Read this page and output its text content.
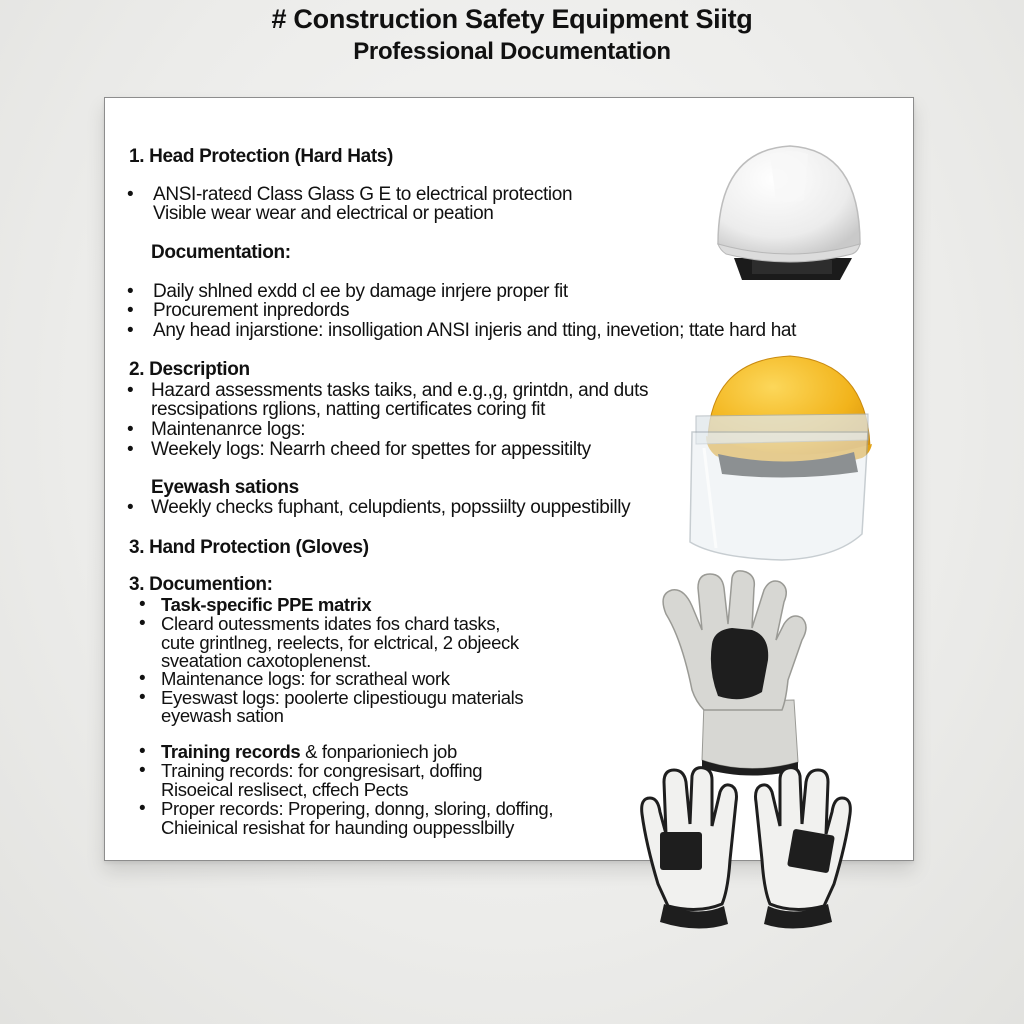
# Construction Safety Equipment Siitg
Professional Documentation
1. Head Protection (Hard Hats)
• ANSI-rateɛd Class Glass G E to electrical protection
Visible wear wear and electrical or peation
Documentation:
• Daily shlned exdd cl ee by damage inrjere proper fit
• Procurement inpredords
• Any head injarstione: insolligation ANSI injeris and tting, inevetion; ttate hard hat
2. Description
• Hazard assessments tasks taiks, and e.g.,g, grintdn, and duts
rescsipations rglions, natting certificates coring fit
• Maintenanrce logs:
• Weekely logs: Nearrh cheed for spettes for appessitilty
Eyewash sations
• Weekly checks fuphant, celupdients, popssiilty ouppestibilly
3. Hand Protection (Gloves)
3. Documention:
• Task-specific PPE matrix
• Cleard outessments idates fos chard tasks,
cute grintlneg, reelects, for elctrical, 2 objeeck
sveatation caxotoplenenst.
• Maintenance logs: for scratheal work
• Eyeswast logs: poolerte clipestiougu materials
eyewash sation
• Training records & fonparioniech job
• Training records: for congresisart, doffing
Risoeical reslisect, cffech Pects
• Proper records: Propering, donng, sloring, doffing,
Chieinical resishat for haunding ouppesslbilly
